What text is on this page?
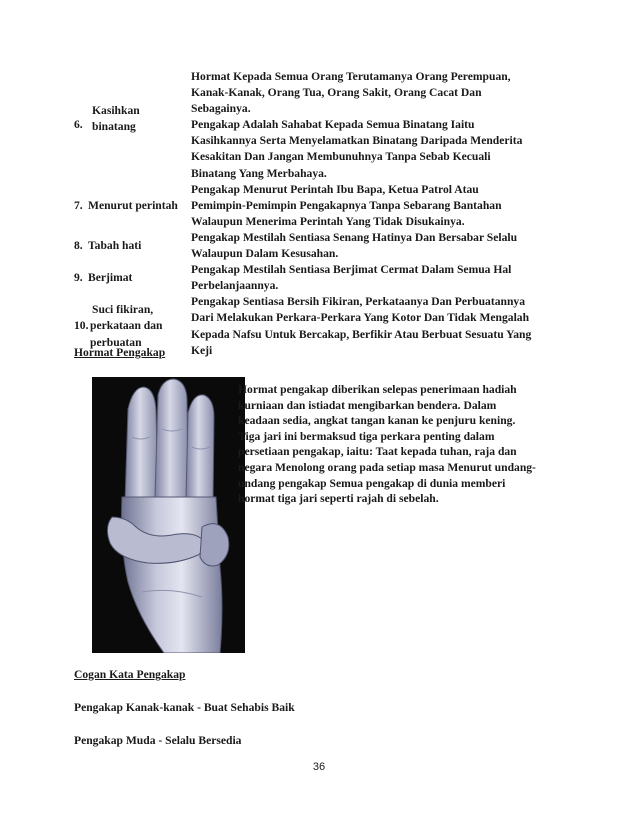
6.
Kasihkan
binatang
Hormat Kepada Semua Orang Terutamanya Orang Perempuan,
Kanak-Kanak, Orang Tua, Orang Sakit, Orang Cacat Dan
Sebagainya.
Pengakap Adalah Sahabat Kepada Semua Binatang Iaitu
Kasihkannya Serta Menyelamatkan Binatang Daripada Menderita
Kesakitan Dan Jangan Membunuhnya Tanpa Sebab Kecuali
Binatang Yang Merbahaya.
7. Menurut perintah
Pengakap Menurut Perintah Ibu Bapa, Ketua Patrol Atau
Pemimpin-Pemimpin Pengakapnya Tanpa Sebarang Bantahan
Walaupun Menerima Perintah Yang Tidak Disukainya.
8. Tabah hati
Pengakap Mestilah Sentiasa Senang Hatinya Dan Bersabar Selalu
Walaupun Dalam Kesusahan.
9. Berjimat
Pengakap Mestilah Sentiasa Berjimat Cermat Dalam Semua Hal
Perbelanjaannya.
10.
Suci fikiran,
perkataan dan
perbuatan
Pengakap Sentiasa Bersih Fikiran, Perkataanya Dan Perbuatannya
Dari Melakukan Perkara-Perkara Yang Kotor Dan Tidak Mengalah
Kepada Nafsu Untuk Bercakap, Berfikir Atau Berbuat Sesuatu Yang
Keji
Hormat Pengakap
Hormat pengakap diberikan selepas penerimaan hadiah
kurniaan dan istiadat mengibarkan bendera. Dalam
keadaan sedia, angkat tangan kanan ke penjuru kening.
Tiga jari ini bermaksud tiga perkara penting dalam
persetiaan pengakap, iaitu: Taat kepada tuhan, raja dan
negara Menolong orang pada setiap masa Menurut undang-
undang pengakap Semua pengakap di dunia memberi
hormat tiga jari seperti rajah di sebelah.
Cogan Kata Pengakap
Pengakap Kanak-kanak - Buat Sehabis Baik
Pengakap Muda - Selalu Bersedia
36
